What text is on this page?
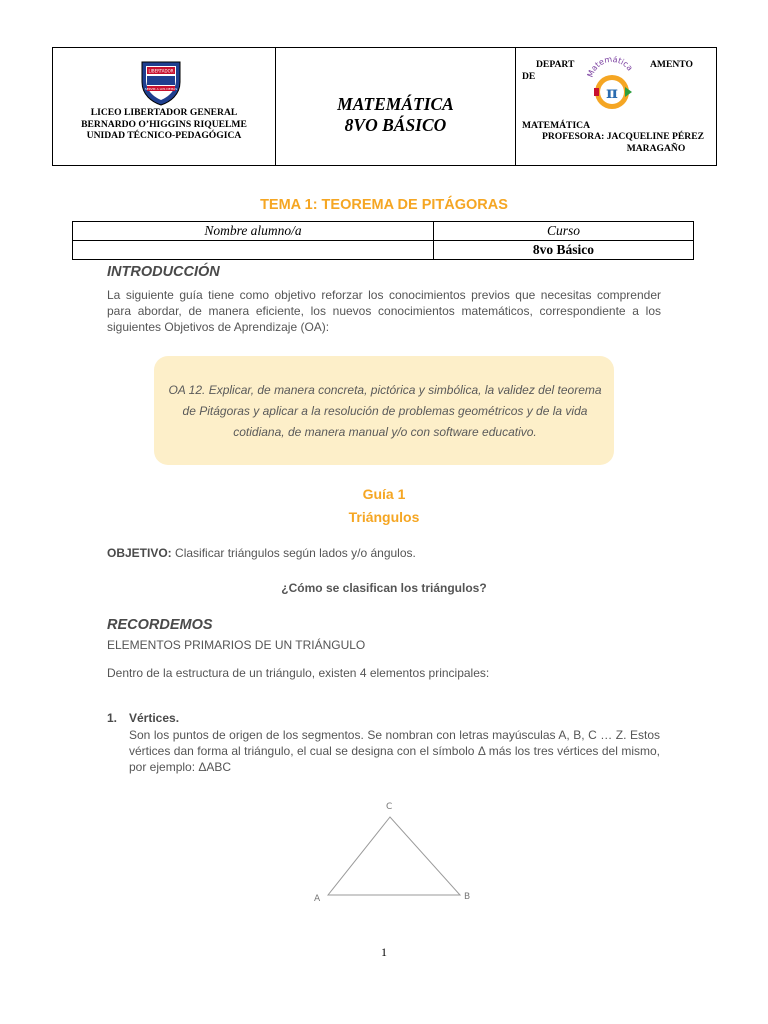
LIBERTADOR
SERVIR A LOS DEMÁS
LICEO LIBERTADOR GENERAL
BERNARDO O’HIGGINS RIQUELME
UNIDAD TÉCNICO-PEDAGÓGICA
MATEMÁTICA
8VO BÁSICO
DEPART	AMENTO
DE	Matemática
π
MATEMÁTICA
PROFESORA: JACQUELINE PÉREZ
MARAGAÑO
TEMA 1: TEOREMA DE PITÁGORAS
Nombre alumno/a	Curso
	8vo Básico
INTRODUCCIÓN
La siguiente guía tiene como objetivo reforzar los conocimientos previos que necesitas comprender para abordar, de manera eficiente, los nuevos conocimientos matemáticos, correspondiente a los siguientes Objetivos de Aprendizaje (OA):
OA 12. Explicar, de manera concreta, pictórica y simbólica, la validez del teorema de Pitágoras y aplicar a la resolución de problemas geométricos y de la vida cotidiana, de manera manual y/o con software educativo.
Guía 1
Triángulos
OBJETIVO: Clasificar triángulos según lados y/o ángulos.
¿Cómo se clasifican los triángulos?
RECORDEMOS
ELEMENTOS PRIMARIOS DE UN TRIÁNGULO
Dentro de la estructura de un triángulo, existen 4 elementos principales:
1. Vértices.
Son los puntos de origen de los segmentos. Se nombran con letras mayúsculas A, B, C … Z. Estos vértices dan forma al triángulo, el cual se designa con el símbolo Δ más los tres vértices del mismo, por ejemplo: ΔABC
A	B
C
1
